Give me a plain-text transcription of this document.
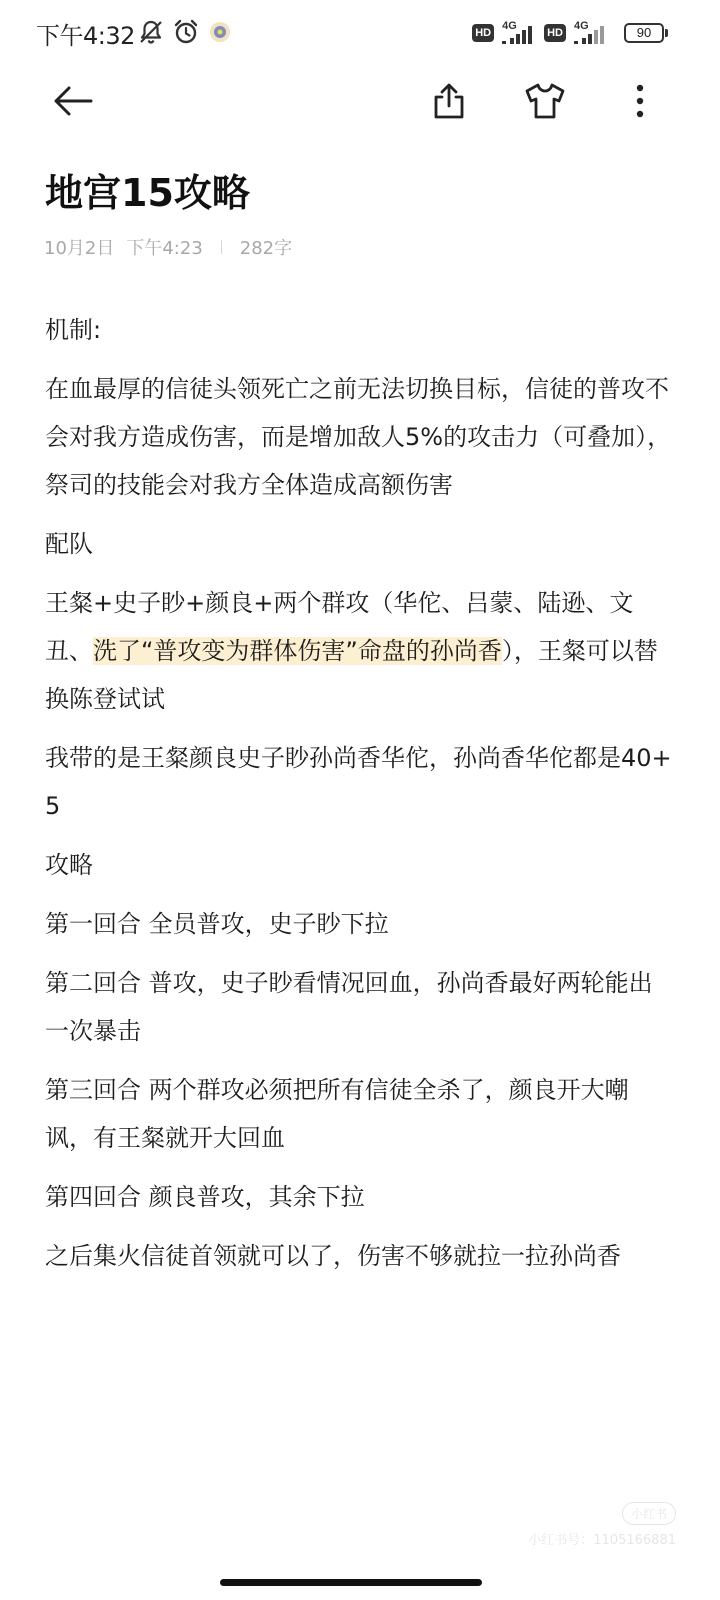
下午4:32	HD
4G
HD
4G	90
地宫15攻略
10月2日 下午4:23 282字

机制:

在血最厚的信徒头领死亡之前无法切换目标，信徒的普攻不会对我方造成伤害，而是增加敌人5%的攻击力（可叠加），祭司的技能会对我方全体造成高额伤害

配队

王粲+史子眇+颜良+两个群攻（华佗、吕蒙、陆逊、文丑、洗了“普攻变为群体伤害”命盘的孙尚香），王粲可以替换陈登试试

我带的是王粲颜良史子眇孙尚香华佗，孙尚香华佗都是40+5

攻略

第一回合 全员普攻，史子眇下拉

第二回合 普攻，史子眇看情况回血，孙尚香最好两轮能出一次暴击

第三回合 两个群攻必须把所有信徒全杀了，颜良开大嘲讽，有王粲就开大回血

第四回合 颜良普攻，其余下拉

之后集火信徒首领就可以了，伤害不够就拉一拉孙尚香

小红书
小红书号：1105166881
